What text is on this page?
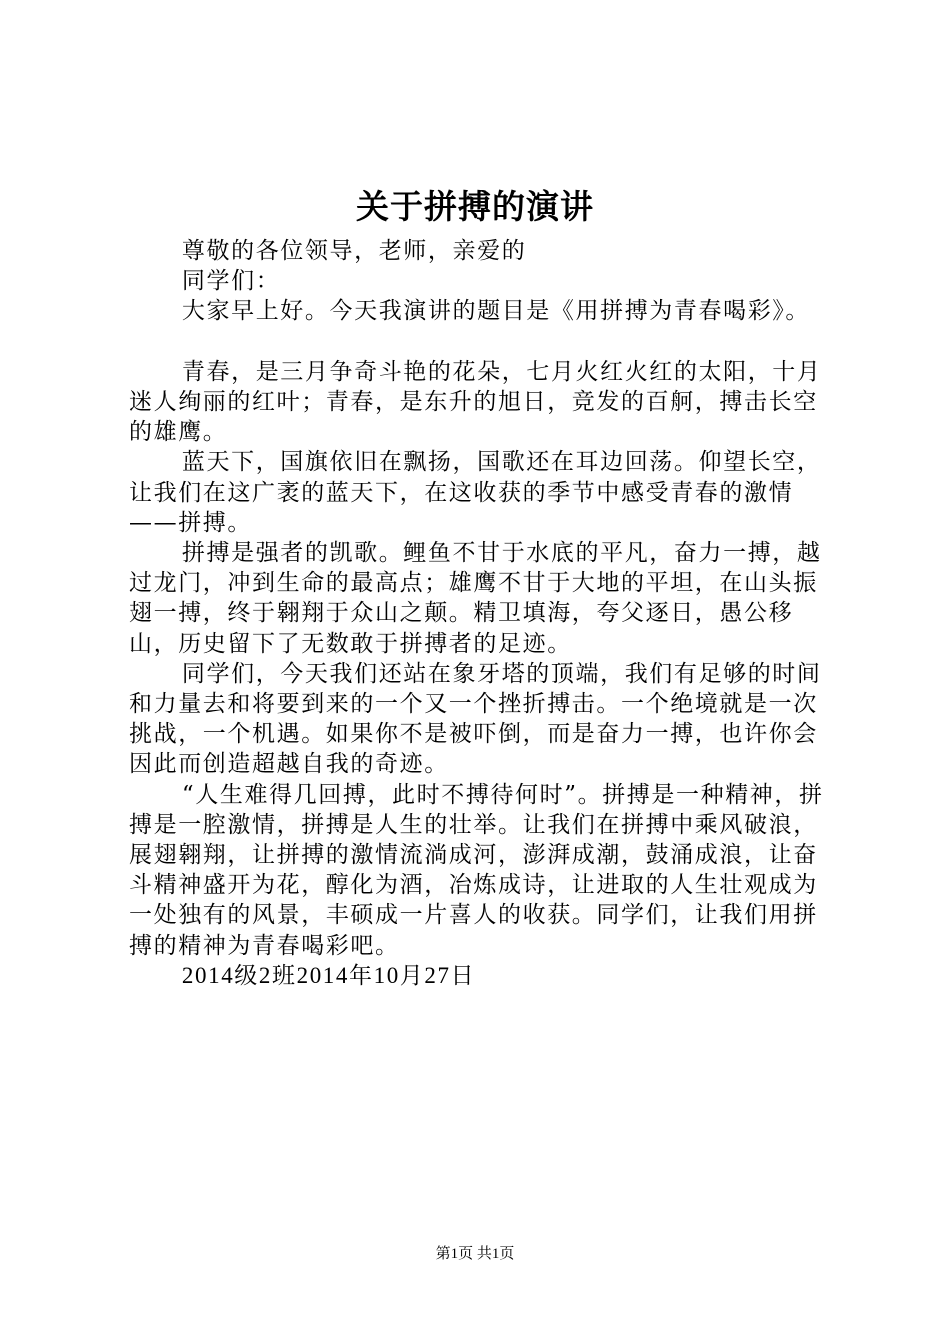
关于拼搏的演讲

尊敬的各位领导，老师，亲爱的

同学们：

大家早上好。今天我演讲的题目是《用拼搏为青春喝彩》。

青春，是三月争奇斗艳的花朵，七月火红火红的太阳，十月迷人绚丽的红叶；青春，是东升的旭日，竞发的百舸，搏击长空的雄鹰。

蓝天下，国旗依旧在飘扬，国歌还在耳边回荡。仰望长空，让我们在这广袤的蓝天下，在这收获的季节中感受青春的激情——拼搏。

拼搏是强者的凯歌。鲤鱼不甘于水底的平凡，奋力一搏，越过龙门，冲到生命的最高点；雄鹰不甘于大地的平坦，在山头振翅一搏，终于翱翔于众山之颠。精卫填海，夸父逐日，愚公移山，历史留下了无数敢于拼搏者的足迹。

同学们，今天我们还站在象牙塔的顶端，我们有足够的时间和力量去和将要到来的一个又一个挫折搏击。一个绝境就是一次挑战，一个机遇。如果你不是被吓倒，而是奋力一搏，也许你会因此而创造超越自我的奇迹。

“人生难得几回搏，此时不搏待何时”。拼搏是一种精神，拼搏是一腔激情，拼搏是人生的壮举。让我们在拼搏中乘风破浪，展翅翱翔，让拼搏的激情流淌成河，澎湃成潮，鼓涌成浪，让奋斗精神盛开为花，醇化为酒，冶炼成诗，让进取的人生壮观成为一处独有的风景，丰硕成一片喜人的收获。同学们，让我们用拼搏的精神为青春喝彩吧。

2014级2班2014年10月27日

第1页 共1页
